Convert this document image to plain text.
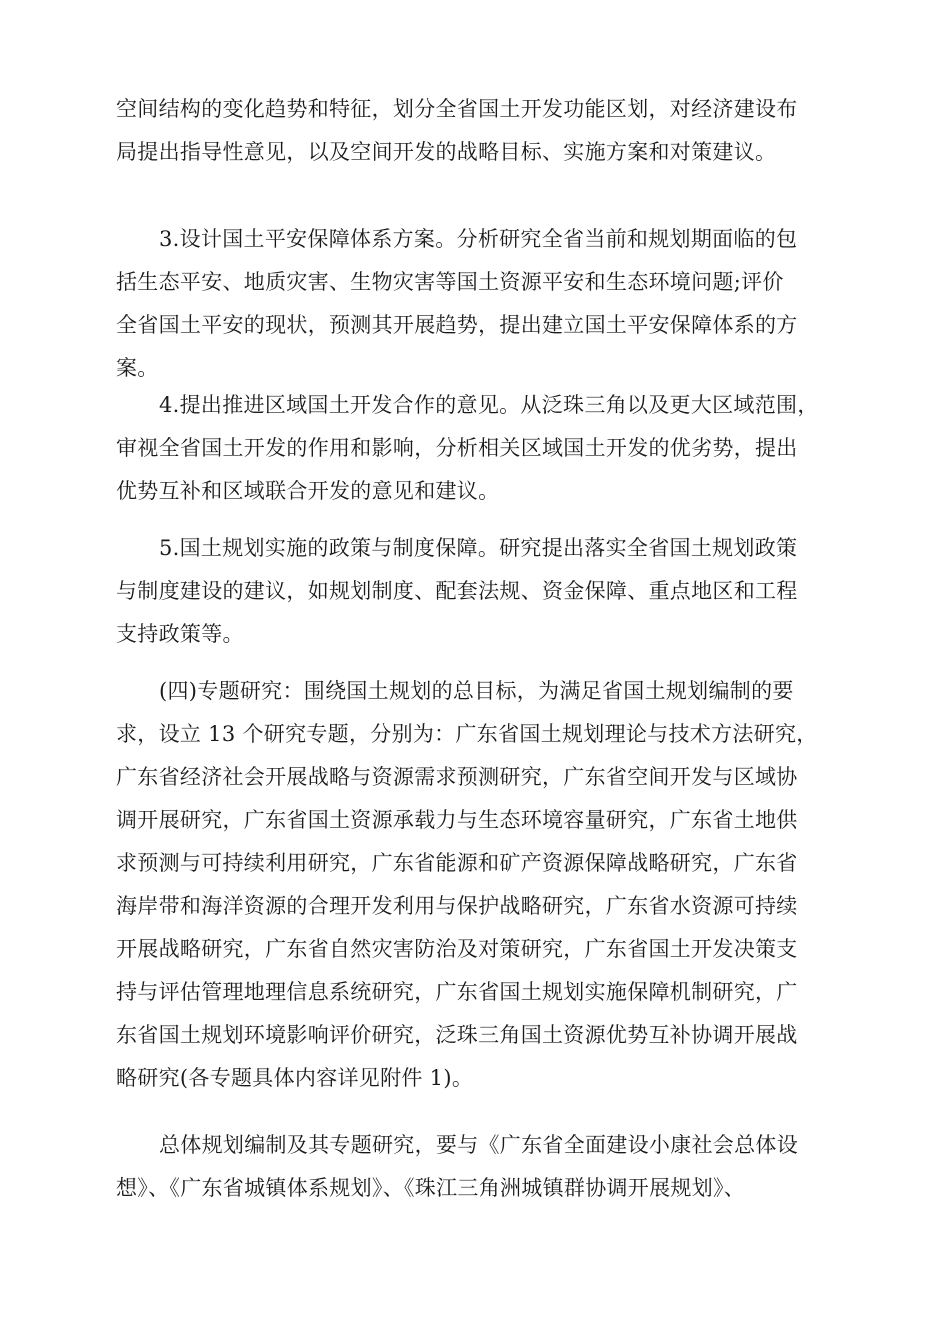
空间结构的变化趋势和特征，划分全省国土开发功能区划，对经济建设布
局提出指导性意见，以及空间开发的战略目标、实施方案和对策建议。

3.设计国土平安保障体系方案。分析研究全省当前和规划期面临的包
括生态平安、地质灾害、生物灾害等国土资源平安和生态环境问题;评价
全省国土平安的现状，预测其开展趋势，提出建立国土平安保障体系的方
案。

4.提出推进区域国土开发合作的意见。从泛珠三角以及更大区域范围，
审视全省国土开发的作用和影响，分析相关区域国土开发的优劣势，提出
优势互补和区域联合开发的意见和建议。

5.国土规划实施的政策与制度保障。研究提出落实全省国土规划政策
与制度建设的建议，如规划制度、配套法规、资金保障、重点地区和工程
支持政策等。

(四)专题研究：围绕国土规划的总目标，为满足省国土规划编制的要
求，设立 13 个研究专题，分别为：广东省国土规划理论与技术方法研究，
广东省经济社会开展战略与资源需求预测研究，广东省空间开发与区域协
调开展研究，广东省国土资源承载力与生态环境容量研究，广东省土地供
求预测与可持续利用研究，广东省能源和矿产资源保障战略研究，广东省
海岸带和海洋资源的合理开发利用与保护战略研究，广东省水资源可持续
开展战略研究，广东省自然灾害防治及对策研究，广东省国土开发决策支
持与评估管理地理信息系统研究，广东省国土规划实施保障机制研究，广
东省国土规划环境影响评价研究，泛珠三角国土资源优势互补协调开展战
略研究(各专题具体内容详见附件 1)。

总体规划编制及其专题研究，要与《广东省全面建设小康社会总体设
想》、《广东省城镇体系规划》、《珠江三角洲城镇群协调开展规划》、
